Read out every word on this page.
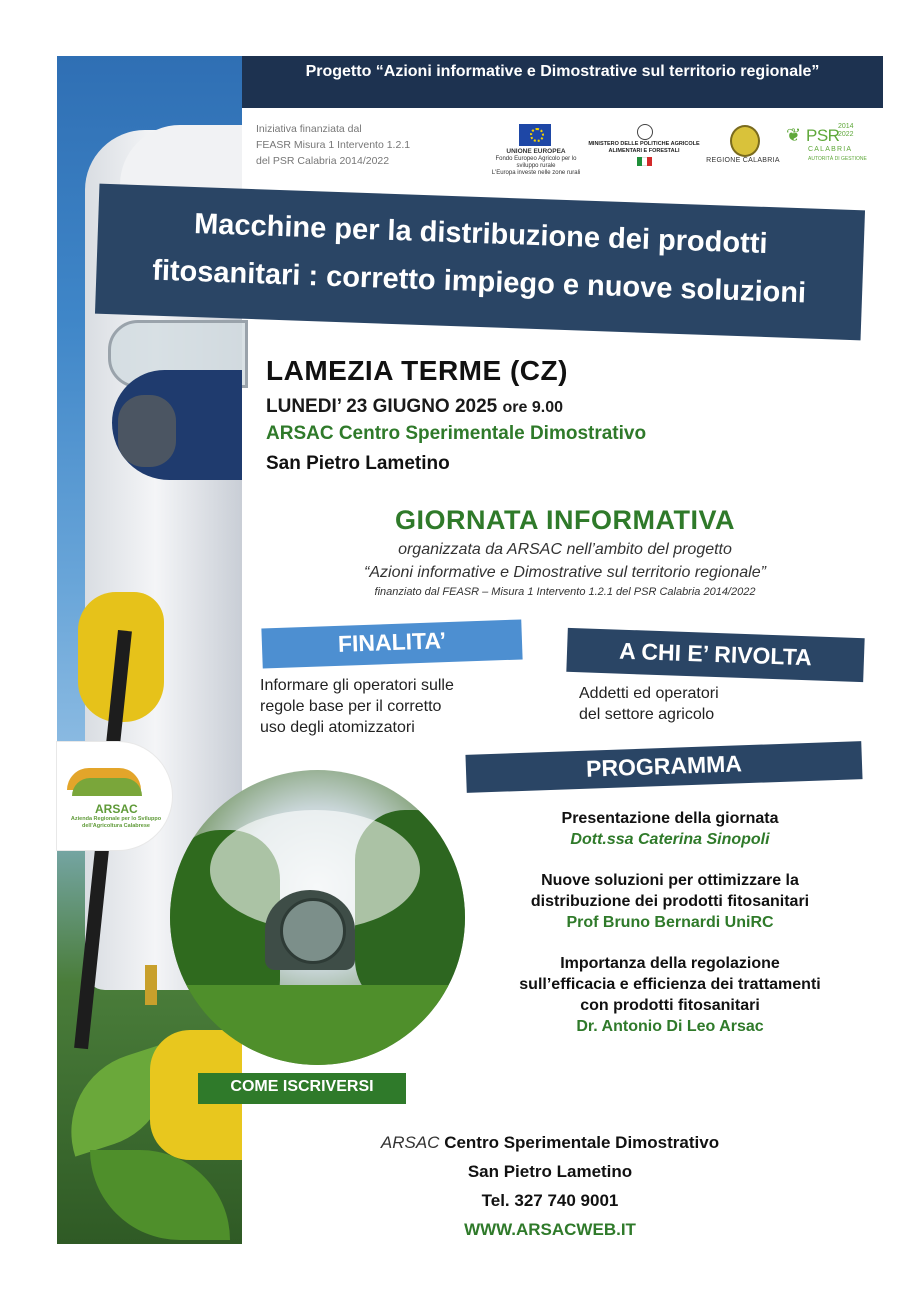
Progetto “Azioni informative e Dimostrative sul territorio regionale”
Iniziativa finanziata dal
FEASR Misura 1 Intervento 1.2.1
del PSR Calabria 2014/2022
UNIONE EUROPEA
Fondo Europeo Agricolo per lo sviluppo rurale
L'Europa investe nelle zone rurali
MINISTERO DELLE POLITICHE AGRICOLE
ALIMENTARI E FORESTALI
REGIONE CALABRIA
❦ PSR
2014
2022
CALABRIA
AUTORITÀ DI GESTIONE
Macchine per la distribuzione dei prodotti
fitosanitari : corretto impiego e nuove soluzioni
LAMEZIA TERME (CZ)
LUNEDI’ 23 GIUGNO 2025 ore 9.00
ARSAC Centro Sperimentale Dimostrativo
San Pietro Lametino
GIORNATA INFORMATIVA
organizzata da ARSAC nell’ambito del progetto
“Azioni informative e Dimostrative sul territorio regionale”
finanziato dal FEASR – Misura 1 Intervento 1.2.1 del PSR Calabria 2014/2022
FINALITA’
Informare gli operatori sulle
regole base per il corretto
uso degli atomizzatori
A CHI E’ RIVOLTA
Addetti ed operatori
del settore agricolo
ARSAC
Azienda Regionale per lo Sviluppo
dell'Agricoltura Calabrese
PROGRAMMA
Presentazione della giornata
Dott.ssa Caterina Sinopoli
Nuove soluzioni per ottimizzare la
distribuzione dei prodotti fitosanitari
Prof Bruno Bernardi UniRC
Importanza della regolazione
sull’efficacia e efficienza dei trattamenti
con prodotti fitosanitari
Dr. Antonio Di Leo Arsac
COME ISCRIVERSI
ARSAC Centro Sperimentale Dimostrativo
San Pietro Lametino
Tel. 327 740 9001
WWW.ARSACWEB.IT
